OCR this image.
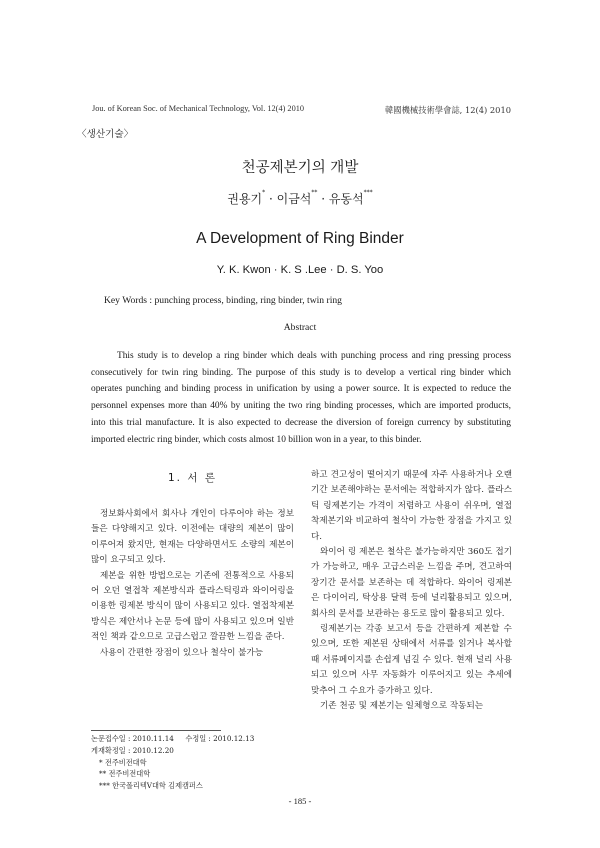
Jou. of Korean Soc. of Mechanical Technology, Vol. 12(4) 2010	韓國機械技術學會誌, 12(4) 2010
〈생산기술〉
천공제본기의 개발
권용기* · 이금석** · 유동석***
A Development of Ring Binder
Y. K. Kwon · K. S .Lee · D. S. Yoo
Key Words : punching process, binding, ring binder, twin ring
Abstract

This study is to develop a ring binder which deals with punching process and ring pressing process consecutively for twin ring binding. The purpose of this study is to develop a vertical ring binder which operates punching and binding process in unification by using a power source. It is expected to reduce the personnel expenses more than 40% by uniting the two ring binding processes, which are imported products, into this trial manufacture. It is also expected to decrease the diversion of foreign currency by substituting imported electric ring binder, which costs almost 10 billion won in a year, to this binder.

1. 서 론

정보화사회에서 회사나 개인이 다루어야 하는 정보들은 다양해지고 있다. 이전에는 대량의 제본이 많이 이루어져 왔지만, 현재는 다양하면서도 소량의 제본이 많이 요구되고 있다.

제본을 위한 방법으로는 기존에 전통적으로 사용되어 오던 열접착 제본방식과 플라스틱링과 와이어링을 이용한 링제본 방식이 많이 사용되고 있다. 열접착제본방식은 제안서나 논문 등에 많이 사용되고 있으며 일반적인 책과 같으므로 고급스럽고 깔끔한 느낌을 준다.

사용이 간편한 장점이 있으나 철삭이 불가능

하고 견고성이 떨어지기 때문에 자주 사용하거나 오랜기간 보존해야하는 문서에는 적합하지가 않다. 플라스틱 링제본기는 가격이 저렴하고 사용이 쉬우며, 열접착제본기와 비교하여 철삭이 가능한 장점을 가지고 있다.

와이어 링 제본은 철삭은 불가능하지만 360도 접기가 가능하고, 매우 고급스러운 느낌을 주며, 견고하여 장기간 문서를 보존하는 데 적합하다. 와이어 링제본은 다이어리, 탁상용 달력 등에 널리활용되고 있으며, 회사의 문서를 보관하는 용도로 많이 활용되고 있다.

링제본기는 각종 보고서 등을 간편하게 제본할 수 있으며, 또한 제본된 상태에서 서류를 읽거나 복사할 때 서류페이지를 손쉽게 넘길 수 있다. 현재 널리 사용되고 있으며 사무 자동화가 이루어지고 있는 추세에 맞추어 그 수요가 증가하고 있다.

기존 천공 및 제본기는 일체형으로 작동되는

논문접수일 : 2010.11.14 수정일 : 2010.12.13
게재확정일 : 2010.12.20
* 전주비전대학
** 전주비전대학
*** 한국폴리텍Ⅴ대학 김제캠퍼스
- 185 -
